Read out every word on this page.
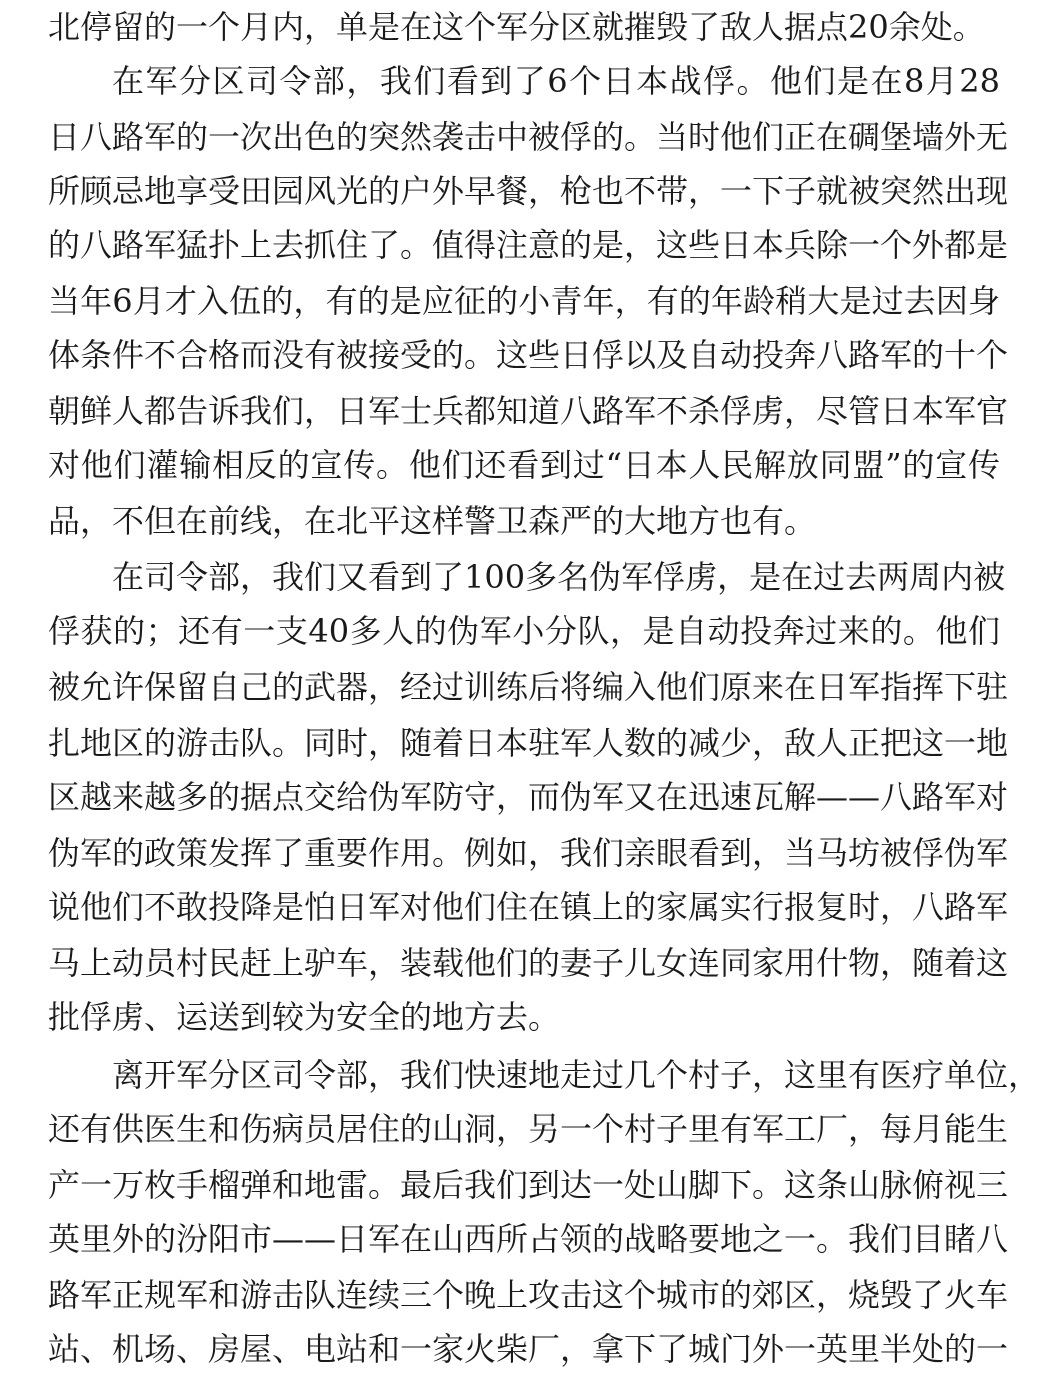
北停留的一个月内，单是在这个军分区就摧毁了敌人据点20余处。

在军分区司令部，我们看到了6个日本战俘。他们是在8月28

日八路军的一次出色的突然袭击中被俘的。当时他们正在碉堡墙外无

所顾忌地享受田园风光的户外早餐，枪也不带，一下子就被突然出现

的八路军猛扑上去抓住了。值得注意的是，这些日本兵除一个外都是

当年6月才入伍的，有的是应征的小青年，有的年龄稍大是过去因身

体条件不合格而没有被接受的。这些日俘以及自动投奔八路军的十个

朝鲜人都告诉我们，日军士兵都知道八路军不杀俘虏，尽管日本军官

对他们灌输相反的宣传。他们还看到过“日本人民解放同盟”的宣传

品，不但在前线，在北平这样警卫森严的大地方也有。

在司令部，我们又看到了100多名伪军俘虏，是在过去两周内被

俘获的；还有一支40多人的伪军小分队，是自动投奔过来的。他们

被允许保留自己的武器，经过训练后将编入他们原来在日军指挥下驻

扎地区的游击队。同时，随着日本驻军人数的减少，敌人正把这一地

区越来越多的据点交给伪军防守，而伪军又在迅速瓦解——八路军对

伪军的政策发挥了重要作用。例如，我们亲眼看到，当马坊被俘伪军

说他们不敢投降是怕日军对他们住在镇上的家属实行报复时，八路军

马上动员村民赶上驴车，装载他们的妻子儿女连同家用什物，随着这

批俘虏、运送到较为安全的地方去。

离开军分区司令部，我们快速地走过几个村子，这里有医疗单位，

还有供医生和伤病员居住的山洞，另一个村子里有军工厂，每月能生

产一万枚手榴弹和地雷。最后我们到达一处山脚下。这条山脉俯视三

英里外的汾阳市——日军在山西所占领的战略要地之一。我们目睹八

路军正规军和游击队连续三个晚上攻击这个城市的郊区，烧毁了火车

站、机场、房屋、电站和一家火柴厂，拿下了城门外一英里半处的一
